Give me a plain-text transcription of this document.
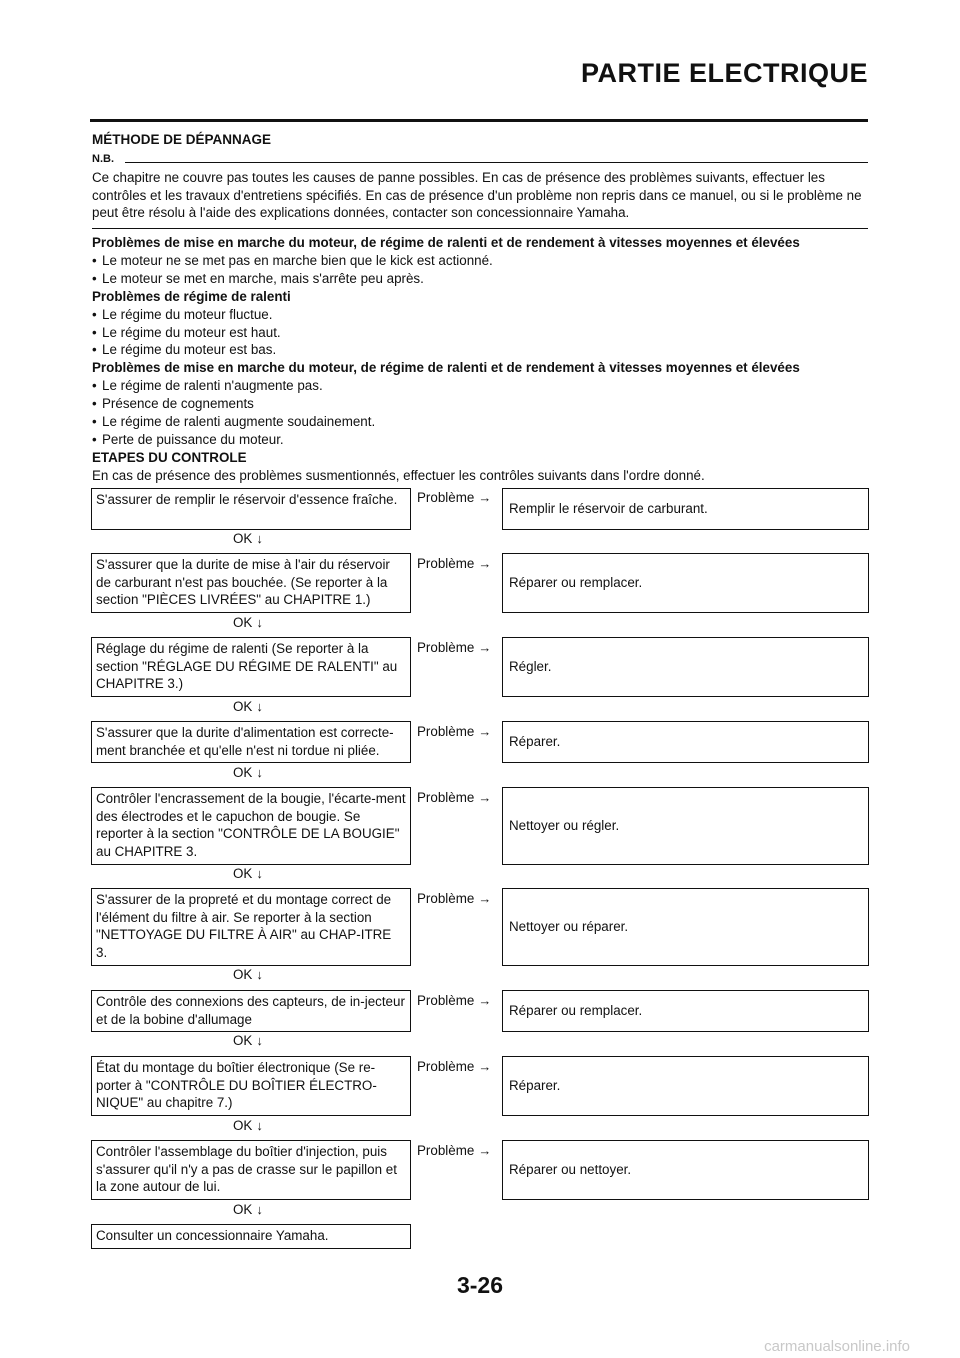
PARTIE ELECTRIQUE
MÉTHODE DE DÉPANNAGE
N.B.

Ce chapitre ne couvre pas toutes les causes de panne possibles. En cas de présence des problèmes suivants, effectuer les contrôles et les travaux d'entretiens spécifiés. En cas de présence d'un problème non repris dans ce manuel, ou si le problème ne peut être résolu à l'aide des explications données, contacter son concessionnaire Yamaha.

Problèmes de mise en marche du moteur, de régime de ralenti et de rendement à vitesses moyennes et élevées
• Le moteur ne se met pas en marche bien que le kick est actionné.
• Le moteur se met en marche, mais s'arrête peu après.
Problèmes de régime de ralenti
• Le régime du moteur fluctue.
• Le régime du moteur est haut.
• Le régime du moteur est bas.
Problèmes de mise en marche du moteur, de régime de ralenti et de rendement à vitesses moyennes et élevées
• Le régime de ralenti n'augmente pas.
• Présence de cognements
• Le régime de ralenti augmente soudainement.
• Perte de puissance du moteur.
ETAPES DU CONTROLE
En cas de présence des problèmes susmentionnés, effectuer les contrôles suivants dans l'ordre donné.
S'assurer de remplir le réservoir d'essence fraîche.	Problème →
Remplir le réservoir de carburant.
OK ↓
S'assurer que la durite de mise à l'air du réservoir de carburant n'est pas bouchée. (Se reporter à la section "PIÈCES LIVRÉES" au CHAPITRE 1.)
Problème →
Réparer ou remplacer.
OK ↓
Réglage du régime de ralenti (Se reporter à la section "RÉGLAGE DU RÉGIME DE RALENTI" au CHAPITRE 3.)
Problème →
Régler.
OK ↓
S'assurer que la durite d'alimentation est correcte-ment branchée et qu'elle n'est ni tordue ni pliée.
Problème →
Réparer.
OK ↓
Contrôler l'encrassement de la bougie, l'écarte-ment des électrodes et le capuchon de bougie. Se reporter à la section "CONTRÔLE DE LA BOUGIE" au CHAPITRE 3.
Problème →
Nettoyer ou régler.
OK ↓
S'assurer de la propreté et du montage correct de l'élément du filtre à air. Se reporter à la section "NETTOYAGE DU FILTRE À AIR" au CHAP-ITRE 3.
Problème →
Nettoyer ou réparer.
OK ↓
Contrôle des connexions des capteurs, de in-jecteur et de la bobine d'allumage
Problème →
Réparer ou remplacer.
OK ↓
État du montage du boîtier électronique (Se re-porter à "CONTRÔLE DU BOÎTIER ÉLECTRO-NIQUE" au chapitre 7.)
Problème →
Réparer.
OK ↓
Contrôler l'assemblage du boîtier d'injection, puis s'assurer qu'il n'y a pas de crasse sur le papillon et la zone autour de lui.
Problème →
Réparer ou nettoyer.
OK ↓
Consulter un concessionnaire Yamaha.
3-26
carmanualsonline.info
